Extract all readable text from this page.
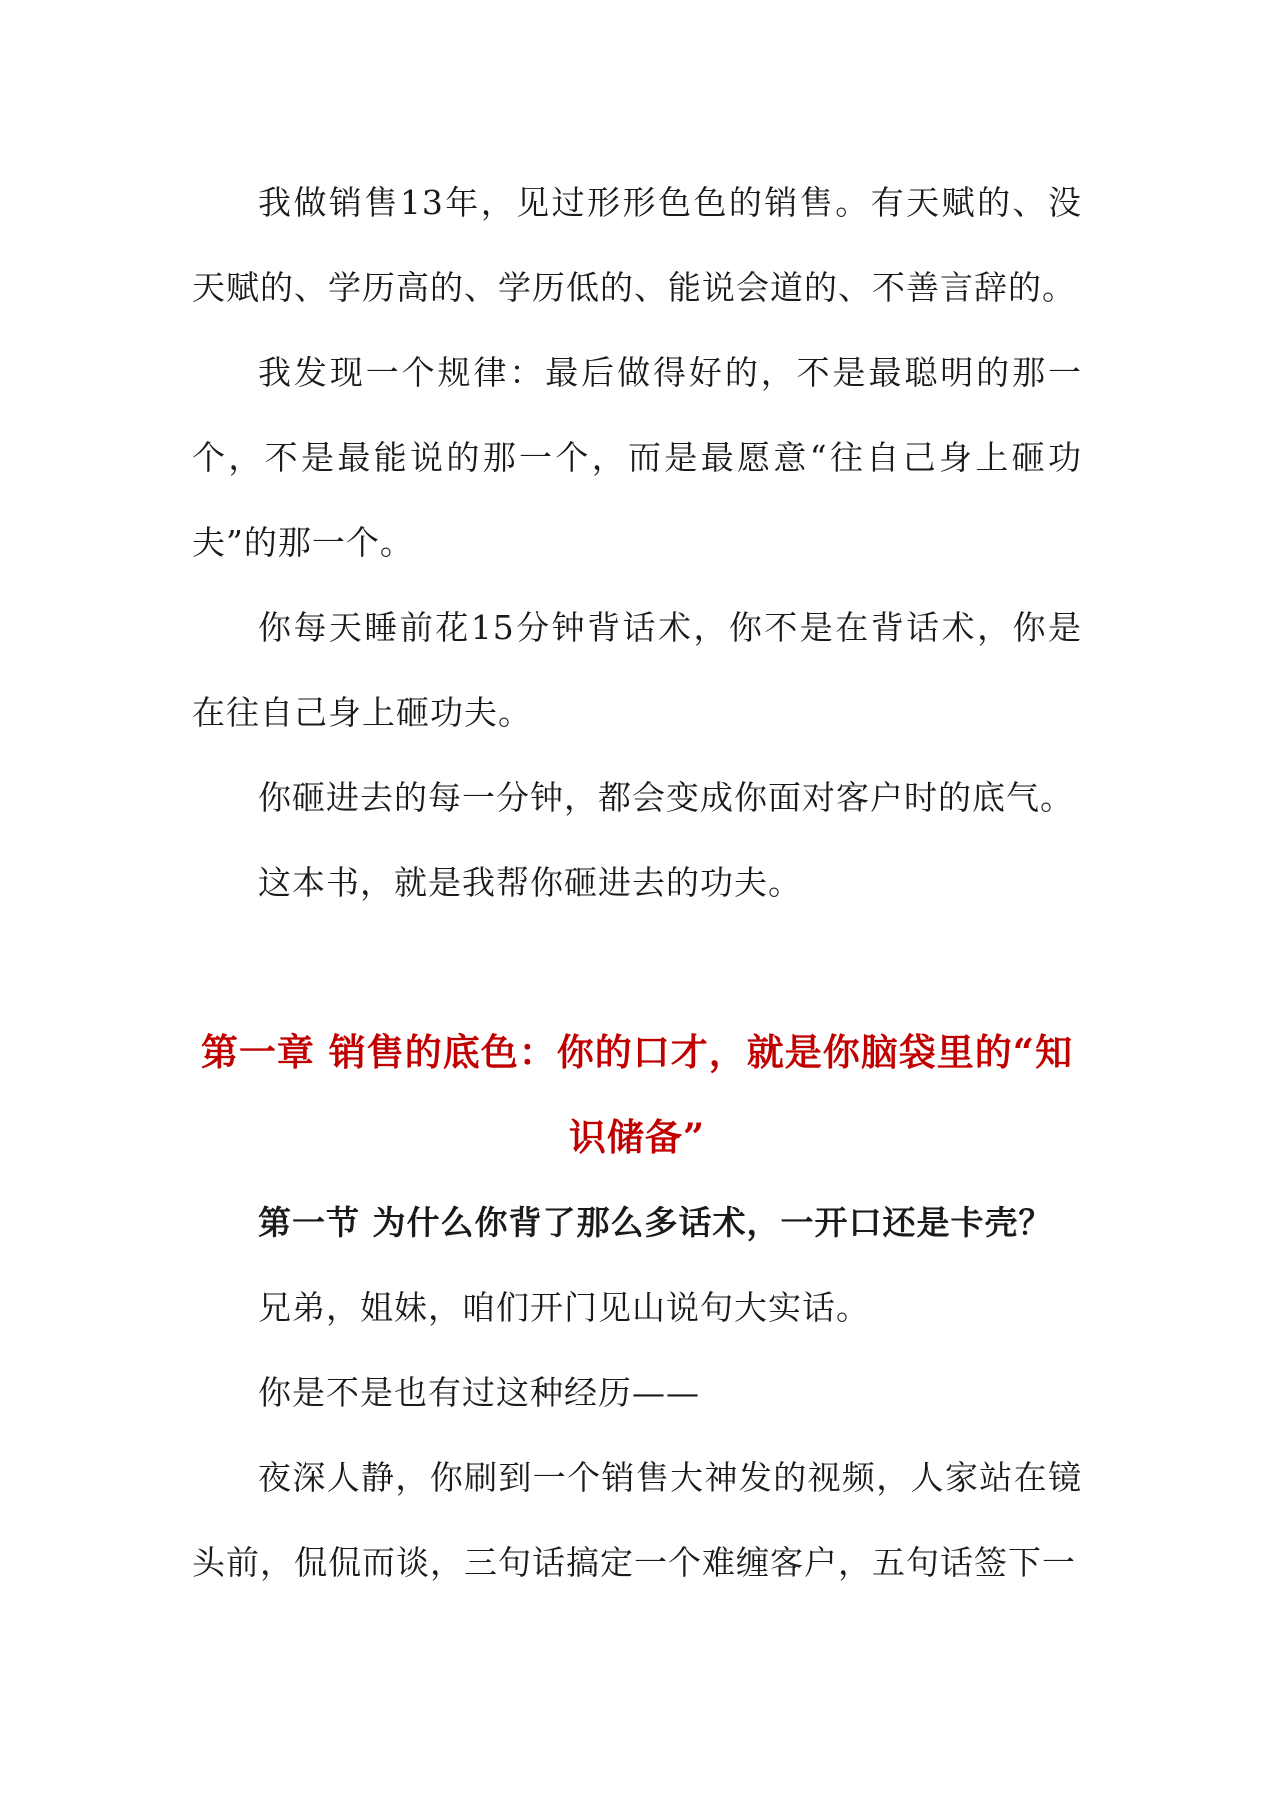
我做销售13年，见过形形色色的销售。有天赋的、没天赋的、学历高的、学历低的、能说会道的、不善言辞的。

我发现一个规律：最后做得好的，不是最聪明的那一个，不是最能说的那一个，而是最愿意“往自己身上砸功夫”的那一个。

你每天睡前花15分钟背话术，你不是在背话术，你是在往自己身上砸功夫。

你砸进去的每一分钟，都会变成你面对客户时的底气。

这本书，就是我帮你砸进去的功夫。

第一章 销售的底色：你的口才，就是你脑袋里的“知识储备”
第一节 为什么你背了那么多话术，一开口还是卡壳？

兄弟，姐妹，咱们开门见山说句大实话。

你是不是也有过这种经历——

夜深人静，你刷到一个销售大神发的视频，人家站在镜头前，侃侃而谈，三句话搞定一个难缠客户，五句话签下一
